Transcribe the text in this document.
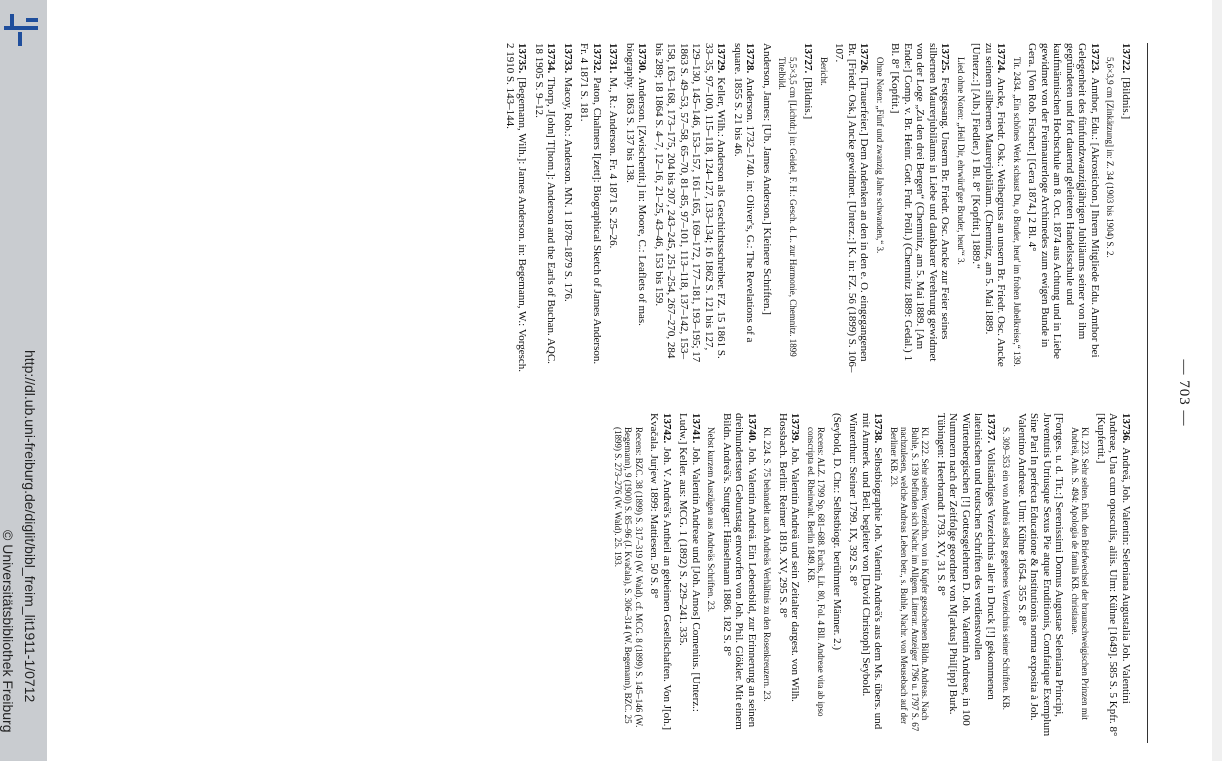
http://dl.ub.uni-freiburg.de/diglit/bibl_freim_lit1911-1/0712
© Universitätsbibliothek Freiburg
— 703 —
13722.[Bildnis.]
5,6×3,9 cm [Zinkätzung] in: Z. 34 (1903 bis 1904) S. 2.
13723.Amthor, Edu.: [Akrostichon.] Ihrem Mitgliede Edu. Amthor bei Gelegenheit des fünfundzwanzigjährigen Jubiläums seiner von ihm gegründeten und fort dauernd geleiteten Handelsschule und kaufmännischen Hochschule am 8. Oct. 1874 aus Achtung und in Liebe gewidmet von der Freimaurerloge Archimedes zum ewigen Bunde in Gera. [Von Rob. Fischer.] [Gera 1874.] 2 Bl. 4°
Tit. 2434. „Ein schönes Werk schaust Du, o Bruder, heut' im frohen Jubelkreise,“ 139.
13724.Ancke, Friedr. Osk.: Weihegruss an unsern Br. Friedr. Osc. Ancke zu seinem silbernen Maurerjubiläum. (Chemnitz, am 5. Mai 1889. [Unterz.:] [Alb.] Fiedler.) 1 Bl. 8° [Kopftit.] 1889.“
Lied ohne Noten: „Heil Dir, ehrwürd'ger Bruder, heut'“ 3.
13725.Festgesang. Unserm Br. Friedr. Osc. Ancke zur Feier seines silbernen Maurerjubiläums in Liebe und dankbarer Verehrung gewidmet von der Loge „Zu den drei Bergen“ (Chemnitz, am 5. Mai 1889. [Am Ende:] Comp. v. Br. Heinr. Gott. Frdr. Pröll.) (Chemnitz 1889: Gedal.) 1 Bl. 8° [Kopftit.]
Ohne Noten: „Fünf und zwanzig Jahre schwanden,“ 3.
13726.[Trauerfeier.] Dem Andenken an den in den e. O. eingegangenen Br. [Friedr. Osk.] Ancke gewidmet. [Unterz.:] K. in: FZ. 56 (1899) S. 106–107.
Bericht.
13727.[Bildnis.]
5,5×3,5 cm [Lichtdr.] in: Geidel, F. H.: Gesch. d. L. zur Harmonie, Chemnitz. 1899 Titelbild.
Anderson, James: [Ub. James Anderson.] Kleinere Schriften.]
13728.Anderson. 1732–1740. in: Oliver's, G.: The Revelations of a square. 1855 S. 21 bis 46.
13729.Keller, Wilh.: Anderson als Geschichtsschreiber. FZ. 15 1861 S. 33–35, 97–100, 115–118, 124–127, 133–134; 16 1862 S. 121 bis 127, 129–130, 145–146, 153–157, 161–165, 169–172, 177–181, 193–195; 17 1863 S. 49–53, 57–58, 65–70, 81–85, 97–101, 113–118, 137–142, 153–158, 163–168, 173–175, 204 bis 207, 243–245, 251–254, 267–270, 284 bis 289; 18 1864 S. 4–7, 12–16, 21–25, 43–46, 153 bis 159.
13730.Anderson. [Zwischentit.] in: Moore, C.: Leaflets of mas. biography. 1863 S. 137 bis 138.
13731.M., R.: Anderson. Fr. 4 1871 S. 25–26.
13732.Paton, Chalmers I[zett]: Biographical Sketch of James Anderson. Fr. 4 1871 S. 181.
13733.Macoy, Rob.: Anderson. MN. 1 1878–1879 S. 176.
13734.Thorp, J[ohn] T[hom.]: Anderson and the Earls of Buchan. AQC. 18 1905 S. 9–12.
13735.[Begemann, Wilh.]: James Anderson. in: Begemann, W.: Vorgesch. 2 1910 S. 143–144.
13736.Andreä, Joh. Valentin: Seleniana Augustalia Joh. Valentini Andreae, Una cum opusculis, aliis. Ulm: Kühne [1649]. 585 S. 5 Kpfr. 8° [Kupfertit.]
Kl. 223. Sehr selten. Enth. den Briefwechsel der braunschweigischen Prinzen mit Andreä, Anh. S. 494: Apologia de famila KB. christianae.
[Fortges. u. d. Tit.:] Serenissimi Domus Augustae Seleniana Principi, Juventutis Utriusque Sexus Pie atque Eruditionis, Comfatique Exemplum Sine Pari In perfecta Educatione & Institutionis norma exposita à Joh. Valentino Andreae. Ulm: Kühne 1654. 355 S. 8°
S. 309–353 ein von Andreä selbst gegebenes Verzeichnis seiner Schriften. KB.
13737.Vollständiges Verzeichnis aller in Druck [!] gekommenen lateinischen und teutschen Schriften des verdienstvollen Würtenbergischen [!] Gottesgelehrten D. Joh. Valentin Andreae, in 100 Nummern nach der Zeitfolge geordnet von M[arkus] Phil[ipp] Burk. Tübingen: Heerbrandt 1793. XV, 31 S. 8°
Kl. 222. Sehr selten; Verzeichn. von in Kupfer gestochenen Bildn. Andreas. Nach Buhle, S. 139 befinden sich Nachr. im Allgem. Litterar. Anzeiger 1796 u. 1797 S. 67 nachzulesen, welche Andreas Leben betr., s. Buhle, Nachr. von Meusebach auf der Berliner KB. 23.
13738.Selbstbiographie Joh. Valentin Andreä's aus dem Ms. übers. und mit Anmerk. und Beil. begleitet von [David Christoph] Seybold. Winterthur: Steiner 1799. IX, 392 S. 8°
(Seybold, D. Chr.: Selbstbiogr. berühmter Männer. 2.)
Recens: ALZ. 1799 Sp. 681–688. Fuchs, Lit. 80, Fol. 4 Bll. Andreae vita ab ipso conscripta ed. Rheinwalt. Berlin 1849. KB.
13739.Joh. Valentin Andreä und sein Zeitalter dargest. von Wilh. Hossbach. Berlin: Reimer 1819. XV, 295 S. 8°
Kl. 224. S. 75 behandelt auch Andreäs Verhältnis zu den Rosenkreuzern. 23.
13740.Joh. Valentin Andreä. Ein Lebensbild, zur Erinnerung an seinen dreihundertsten Geburtstag entworfen von Joh. Phil. Glökler. Mit einem Bildn. Andreä's. Stuttgart: Hänselmann 1886. 182 S. 8°
Nebst kurzem Auszügen aus Andreäs Schriften. 23.
13741.Joh. Valentin Andreae und [Joh. Amos] Comenius. [Unterz.: Ludw.] Keller. aus: MCG. 1 (1892) S. 229–241. 335.
13742.Joh. V. Andreä's Antheil an geheimen Gesellschaften. Von J[oh.] Kvačala. Jurjew 1899: Mattiesen. 50 S. 8°
Recens: BZC. 38 (1899) S. 317–319 (W. Wald). cf. MCG. 8 (1899) S. 145–146 (W. Begemann), 9 (1900) S. 85–96 (J. Kvačala), S. 306–314 (W. Begemann), BZC. 25 (1899) S. 273–276 (W. Wald). 25. 193.
